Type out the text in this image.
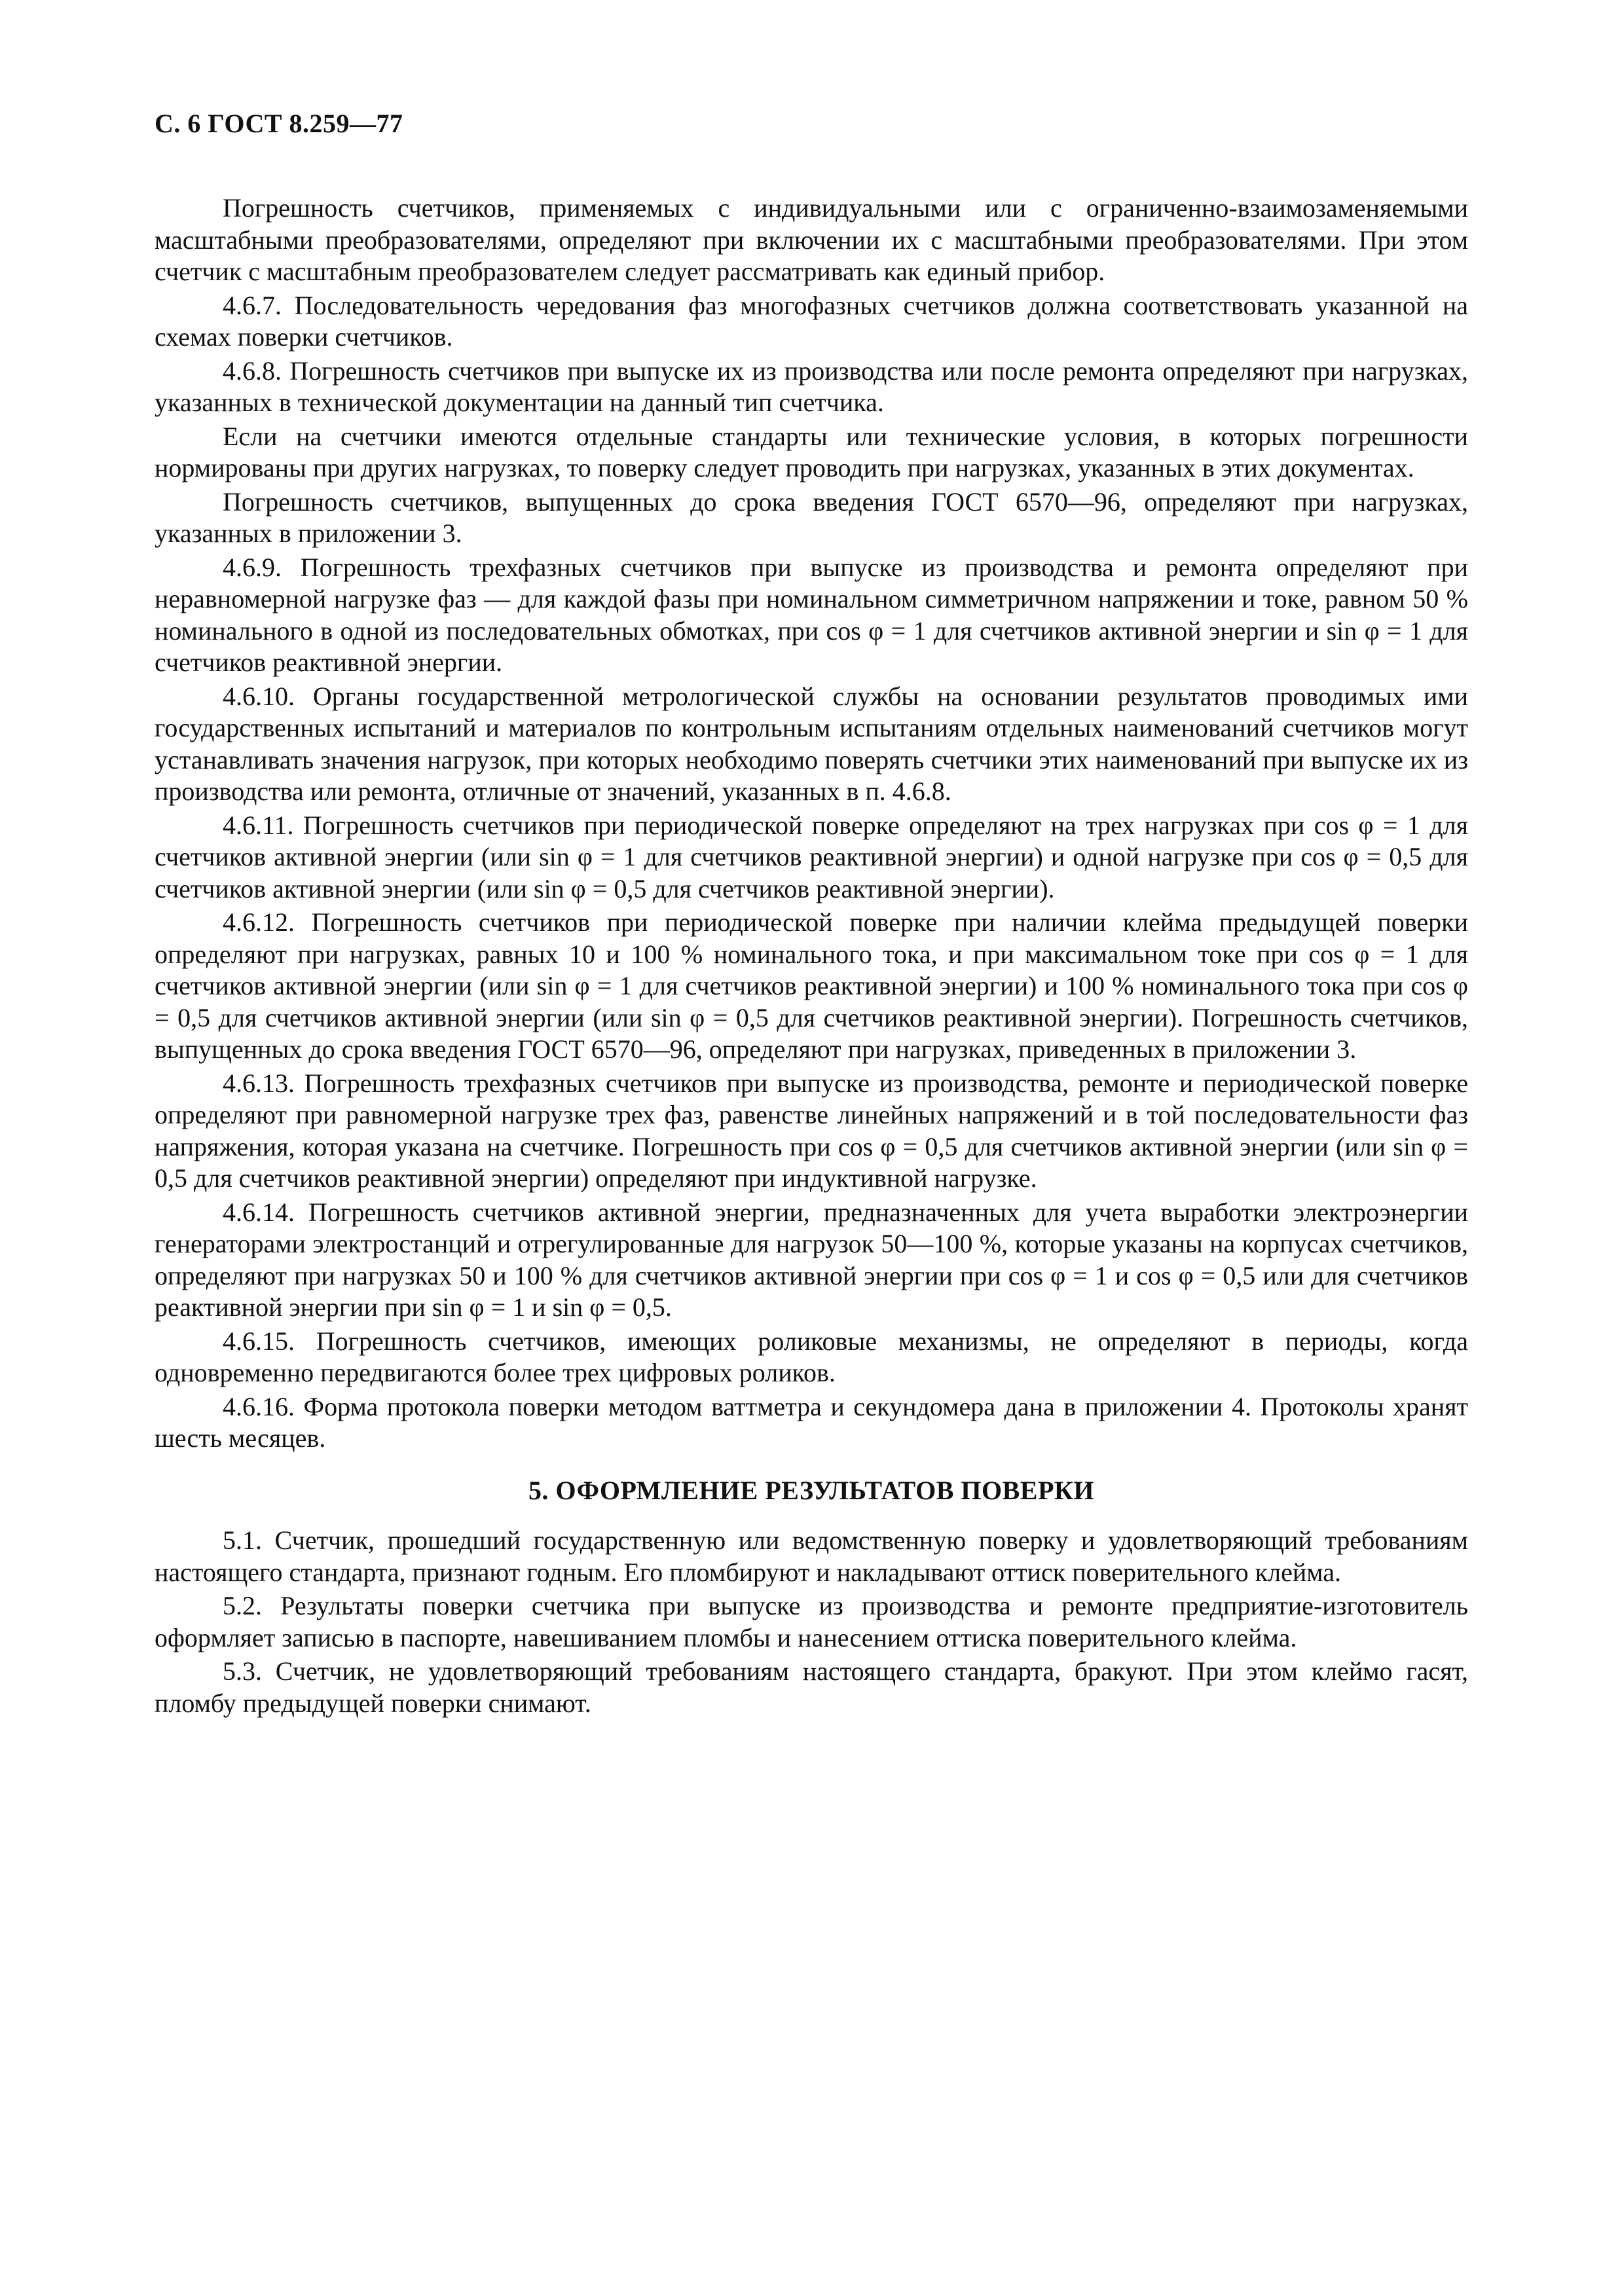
С. 6 ГОСТ 8.259—77

Погрешность счетчиков, применяемых с индивидуальными или с ограниченно-взаимозаменяемыми масштабными преобразователями, определяют при включении их с масштабными преобразователями. При этом счетчик с масштабным преобразователем следует рассматривать как единый прибор.

4.6.7. Последовательность чередования фаз многофазных счетчиков должна соответствовать указанной на схемах поверки счетчиков.

4.6.8. Погрешность счетчиков при выпуске их из производства или после ремонта определяют при нагрузках, указанных в технической документации на данный тип счетчика.

Если на счетчики имеются отдельные стандарты или технические условия, в которых погрешности нормированы при других нагрузках, то поверку следует проводить при нагрузках, указанных в этих документах.

Погрешность счетчиков, выпущенных до срока введения ГОСТ 6570—96, определяют при нагрузках, указанных в приложении 3.

4.6.9. Погрешность трехфазных счетчиков при выпуске из производства и ремонта определяют при неравномерной нагрузке фаз — для каждой фазы при номинальном симметричном напряжении и токе, равном 50 % номинального в одной из последовательных обмотках, при cos φ = 1 для счетчиков активной энергии и sin φ = 1 для счетчиков реактивной энергии.

4.6.10. Органы государственной метрологической службы на основании результатов проводимых ими государственных испытаний и материалов по контрольным испытаниям отдельных наименований счетчиков могут устанавливать значения нагрузок, при которых необходимо поверять счетчики этих наименований при выпуске их из производства или ремонта, отличные от значений, указанных в п. 4.6.8.

4.6.11. Погрешность счетчиков при периодической поверке определяют на трех нагрузках при cos φ = 1 для счетчиков активной энергии (или sin φ = 1 для счетчиков реактивной энергии) и одной нагрузке при cos φ = 0,5 для счетчиков активной энергии (или sin φ = 0,5 для счетчиков реактивной энергии).

4.6.12. Погрешность счетчиков при периодической поверке при наличии клейма предыдущей поверки определяют при нагрузках, равных 10 и 100 % номинального тока, и при максимальном токе при cos φ = 1 для счетчиков активной энергии (или sin φ = 1 для счетчиков реактивной энергии) и 100 % номинального тока при cos φ = 0,5 для счетчиков активной энергии (или sin φ = 0,5 для счетчиков реактивной энергии). Погрешность счетчиков, выпущенных до срока введения ГОСТ 6570—96, определяют при нагрузках, приведенных в приложении 3.

4.6.13. Погрешность трехфазных счетчиков при выпуске из производства, ремонте и периодической поверке определяют при равномерной нагрузке трех фаз, равенстве линейных напряжений и в той последовательности фаз напряжения, которая указана на счетчике. Погрешность при cos φ = 0,5 для счетчиков активной энергии (или sin φ = 0,5 для счетчиков реактивной энергии) определяют при индуктивной нагрузке.

4.6.14. Погрешность счетчиков активной энергии, предназначенных для учета выработки электроэнергии генераторами электростанций и отрегулированные для нагрузок 50—100 %, которые указаны на корпусах счетчиков, определяют при нагрузках 50 и 100 % для счетчиков активной энергии при cos φ = 1 и cos φ = 0,5 или для счетчиков реактивной энергии при sin φ = 1 и sin φ = 0,5.

4.6.15. Погрешность счетчиков, имеющих роликовые механизмы, не определяют в периоды, когда одновременно передвигаются более трех цифровых роликов.

4.6.16. Форма протокола поверки методом ваттметра и секундомера дана в приложении 4. Протоколы хранят шесть месяцев.

5. ОФОРМЛЕНИЕ РЕЗУЛЬТАТОВ ПОВЕРКИ

5.1. Счетчик, прошедший государственную или ведомственную поверку и удовлетворяющий требованиям настоящего стандарта, признают годным. Его пломбируют и накладывают оттиск поверительного клейма.

5.2. Результаты поверки счетчика при выпуске из производства и ремонте предприятие-изготовитель оформляет записью в паспорте, навешиванием пломбы и нанесением оттиска поверительного клейма.

5.3. Счетчик, не удовлетворяющий требованиям настоящего стандарта, бракуют. При этом клеймо гасят, пломбу предыдущей поверки снимают.
